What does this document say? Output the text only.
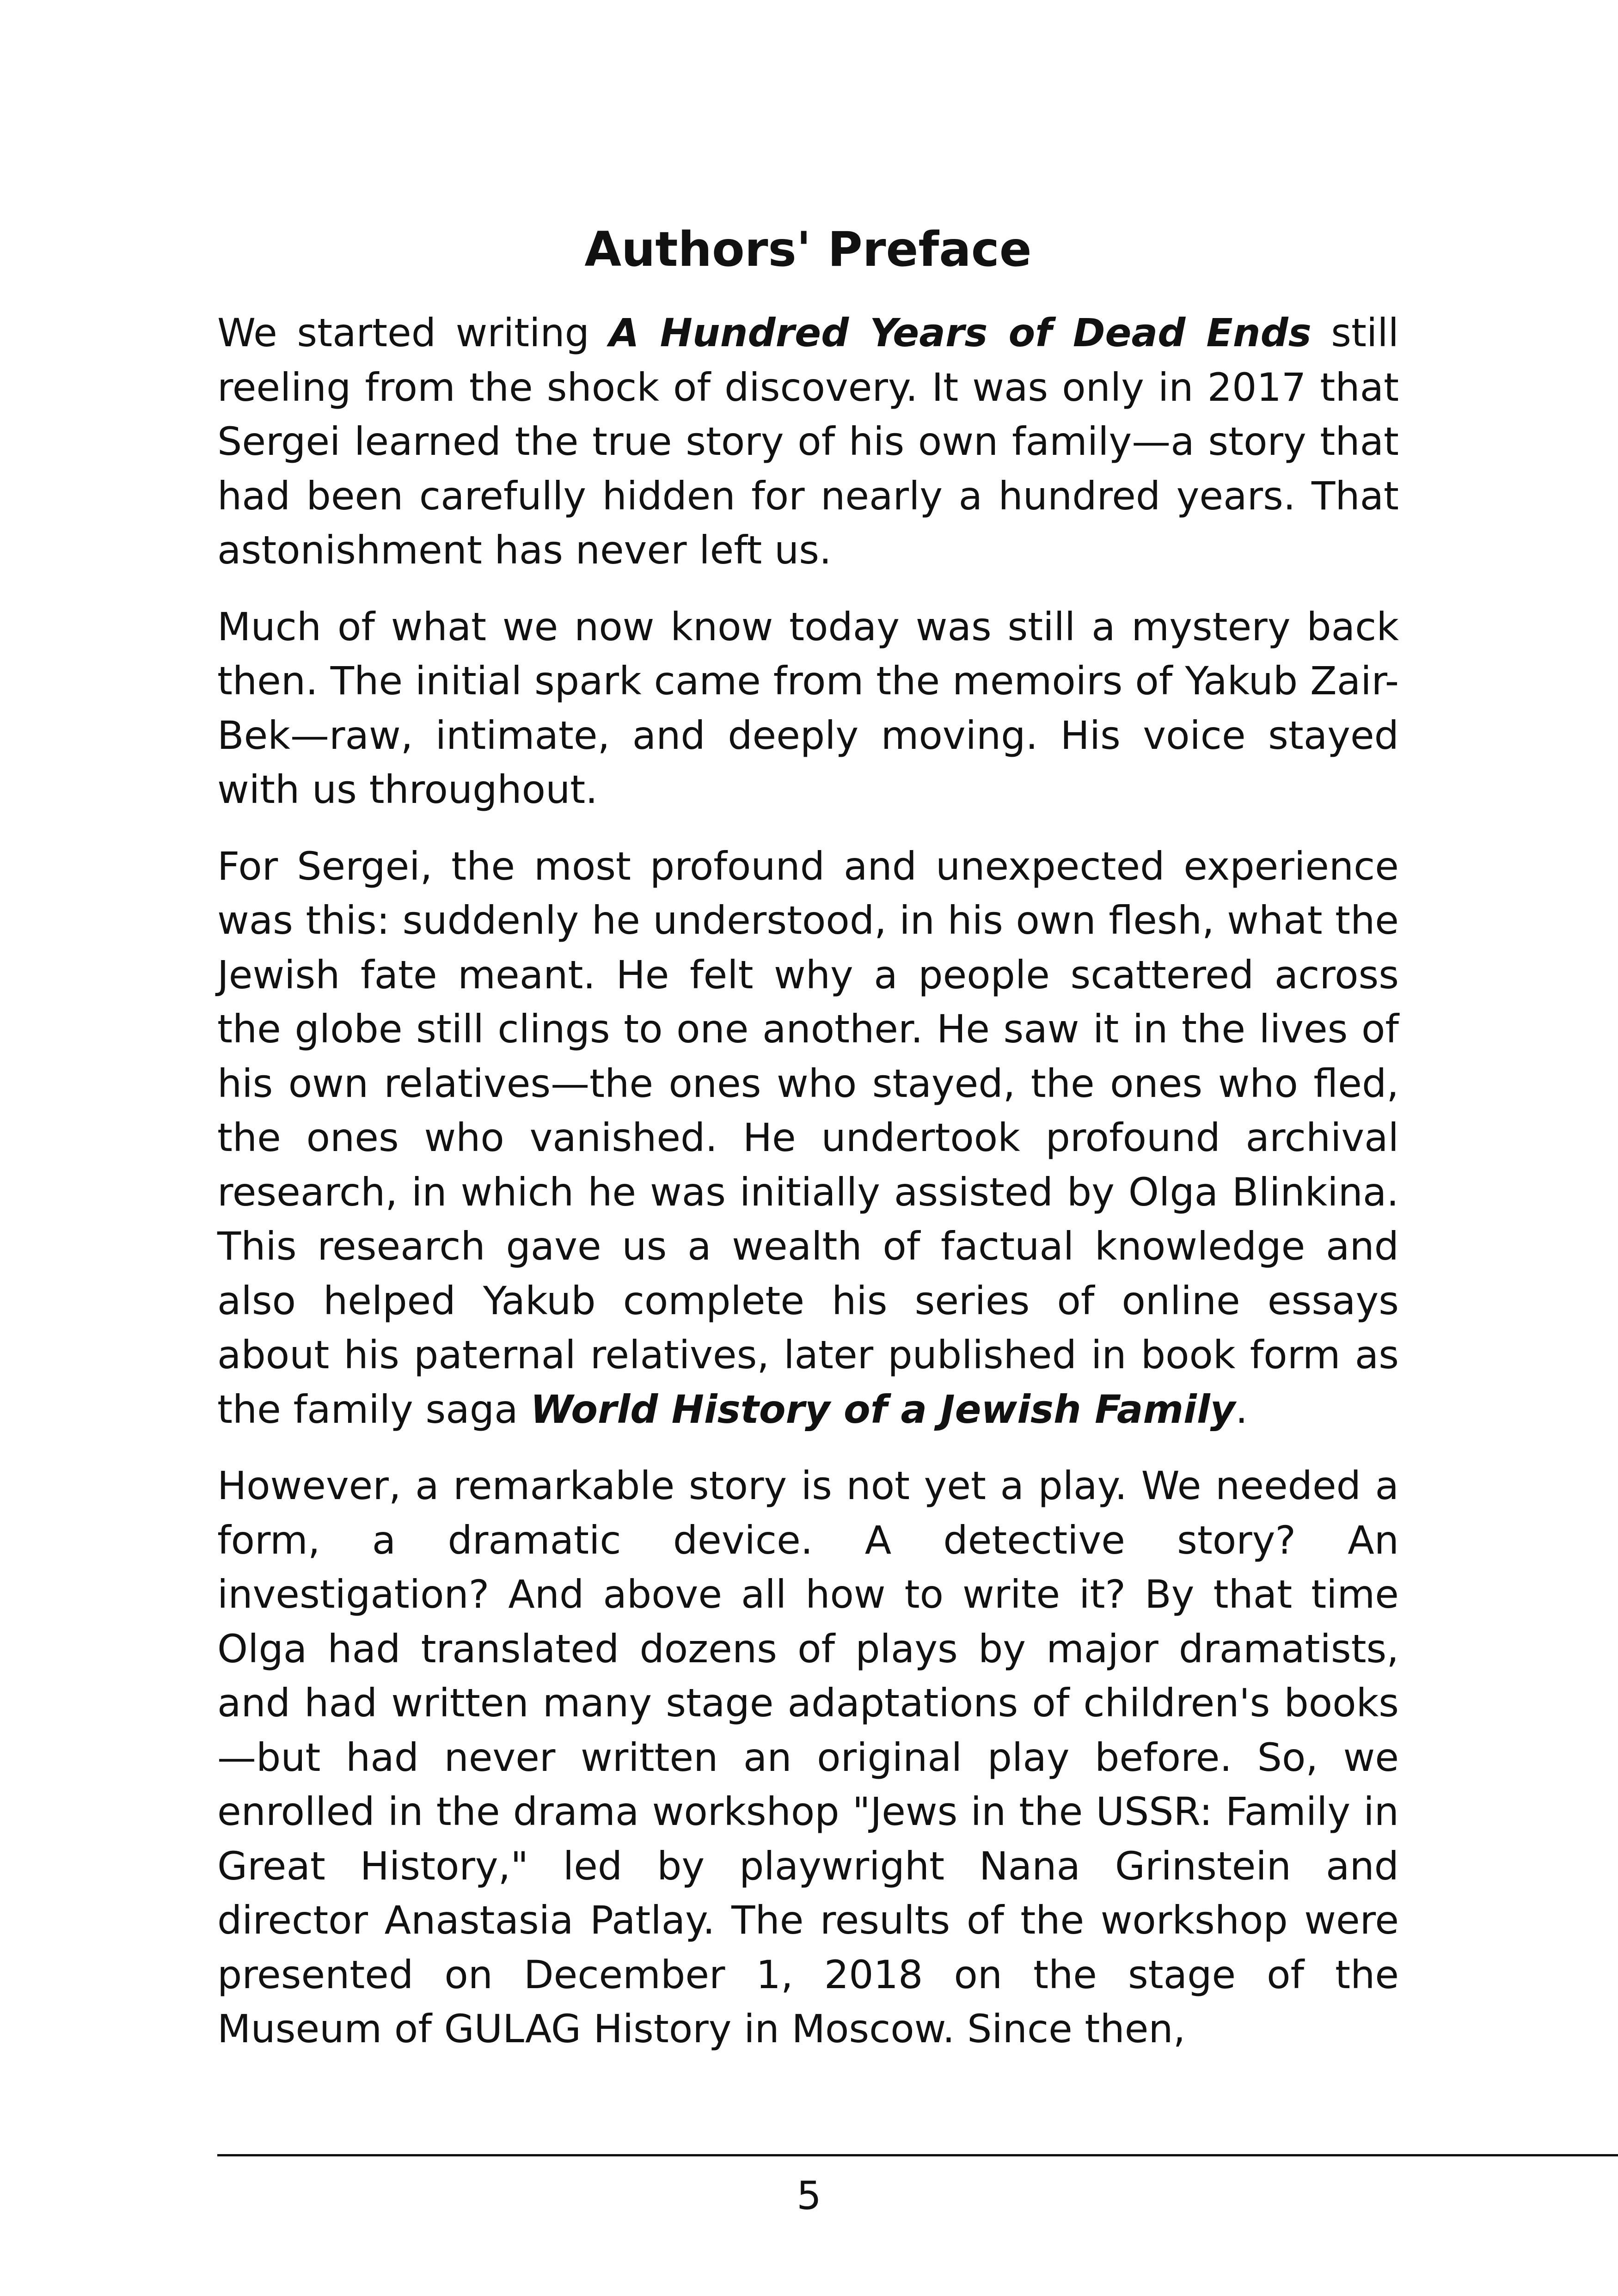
Authors' Preface

We started writing A Hundred Years of Dead Ends still reeling from the shock of discovery. It was only in 2017 that Sergei learned the true story of his own family—a story that had been carefully hidden for nearly a hundred years. That astonishment has never left us.

Much of what we now know today was still a mystery back then. The initial spark came from the memoirs of Yakub Zair-Bek—raw, intimate, and deeply moving. His voice stayed with us throughout.

For Sergei, the most profound and unexpected experience was this: suddenly he understood, in his own flesh, what the Jewish fate meant. He felt why a people scattered across the globe still clings to one another. He saw it in the lives of his own relatives—the ones who stayed, the ones who fled, the ones who vanished. He undertook profound archival research, in which he was initially assisted by Olga Blinkina. This research gave us a wealth of factual knowledge and also helped Yakub complete his series of online essays about his paternal relatives, later published in book form as the family saga World History of a Jewish Family.

However, a remarkable story is not yet a play. We needed a form, a dramatic device. A detective story? An investigation? And above all how to write it? By that time Olga had translated dozens of plays by major dramatists, and had written many stage adaptations of children's books—but had never written an original play before. So, we enrolled in the drama workshop "Jews in the USSR: Family in Great History," led by playwright Nana Grinstein and director Anastasia Patlay. The results of the workshop were presented on December 1, 2018 on the stage of the Museum of GULAG History in Moscow. Since then,

5
